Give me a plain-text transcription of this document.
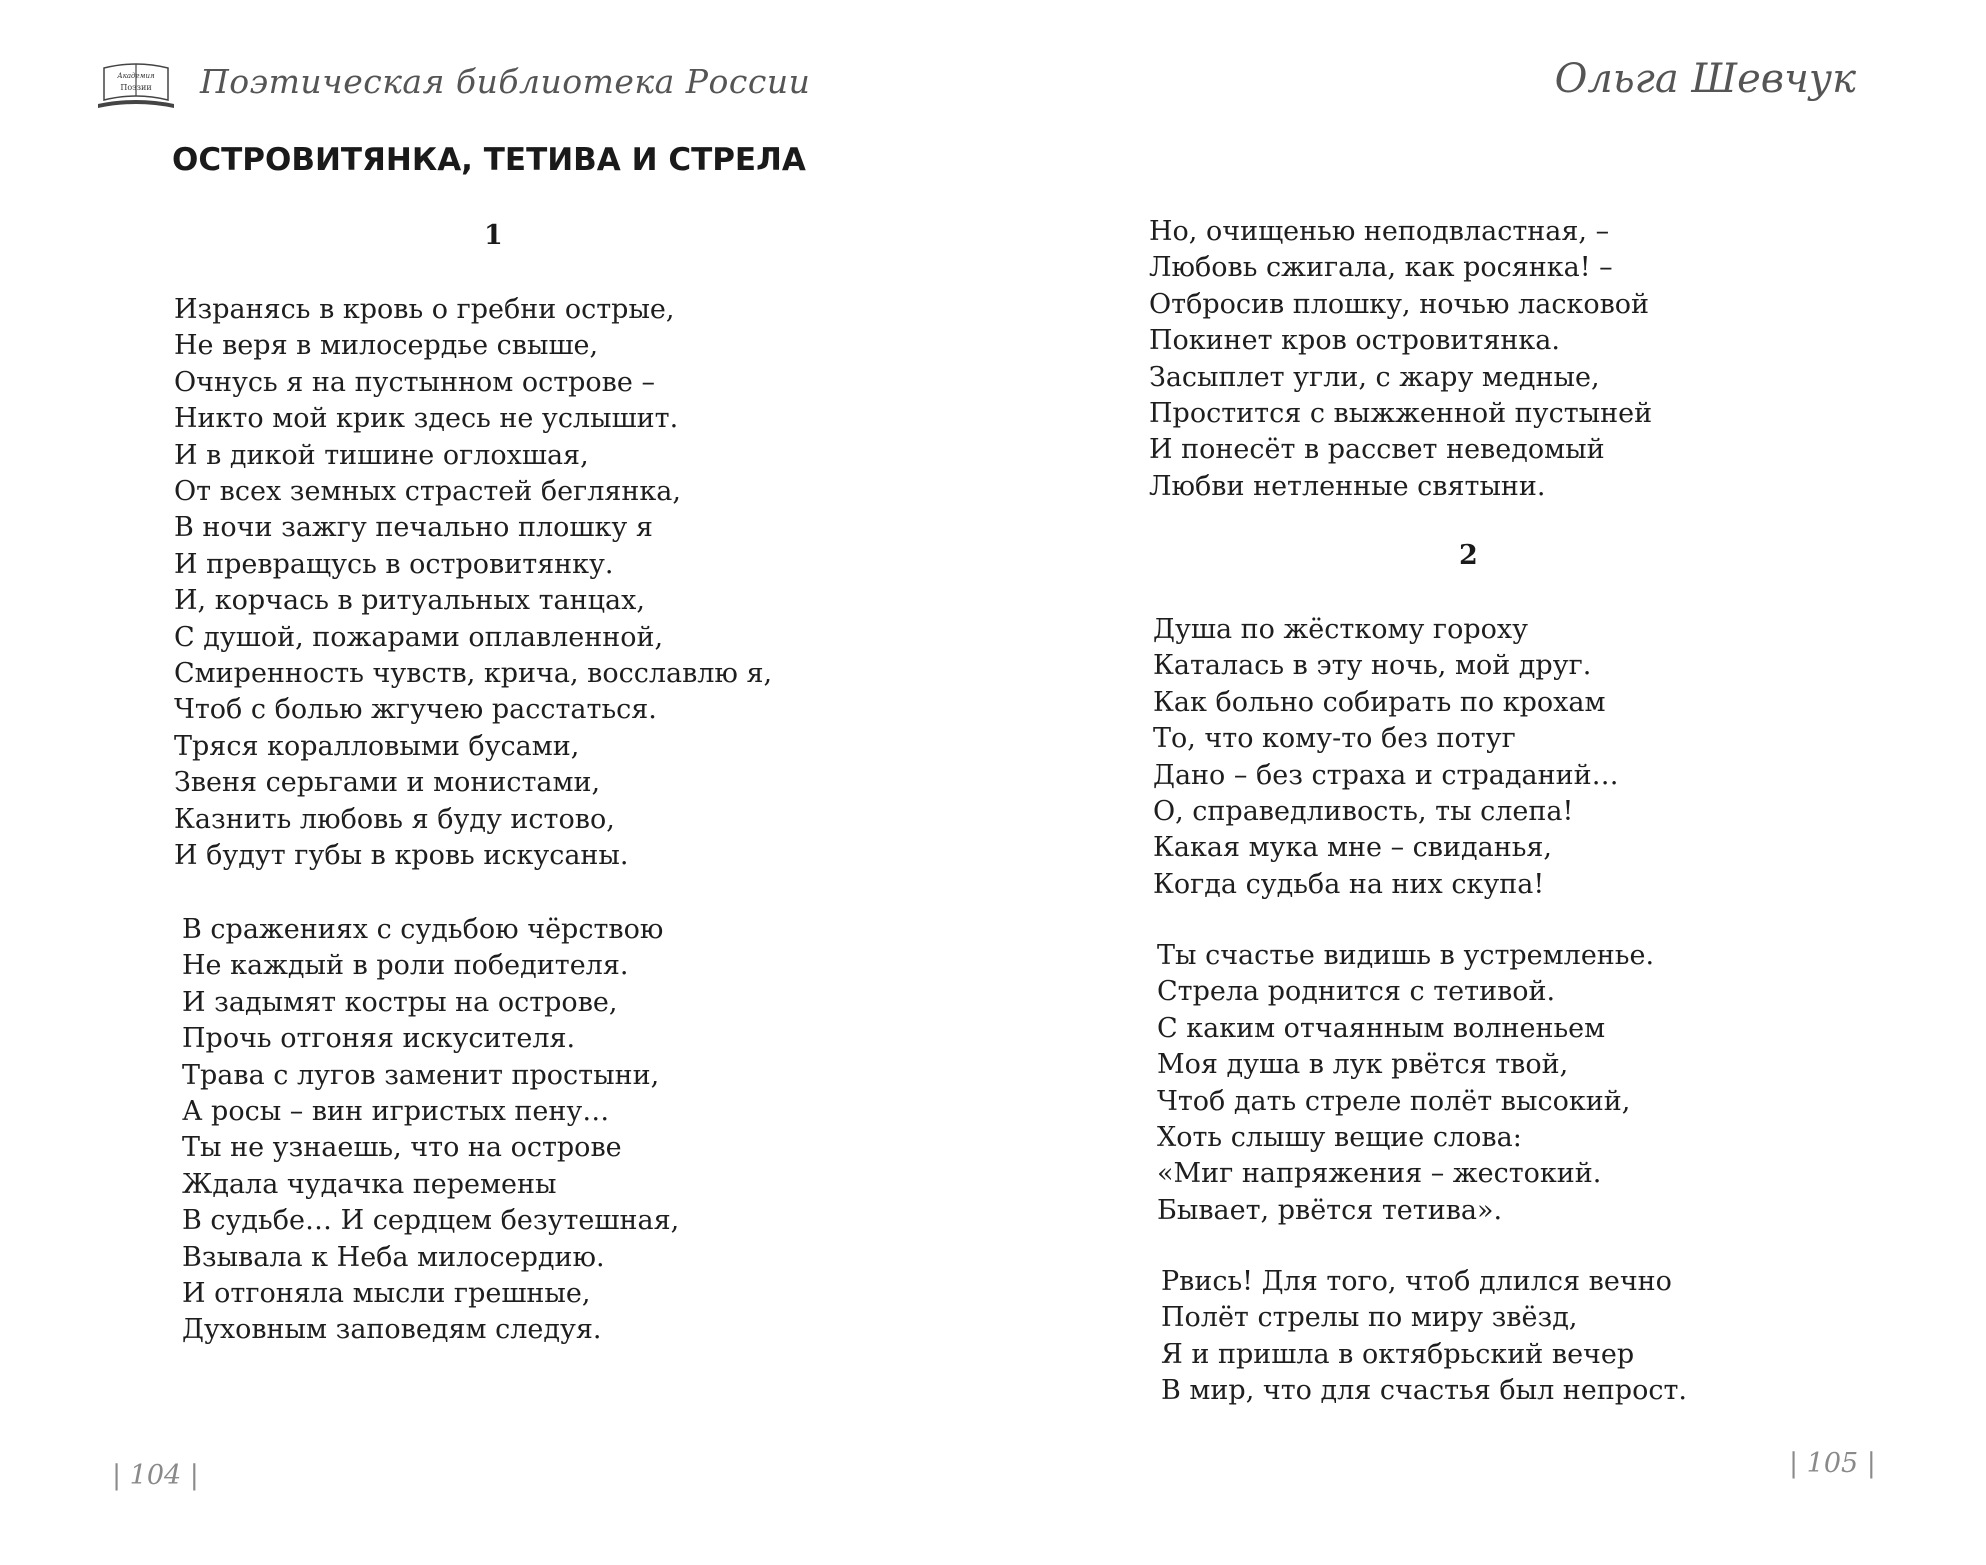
Академия
Поэзии Поэтическая библиотека России
ОСТРОВИТЯНКА, ТЕТИВА И СТРЕЛА
1
Изранясь в кровь о гребни острые,
Не веря в милосердье свыше,
Очнусь я на пустынном острове –
Никто мой крик здесь не услышит.
И в дикой тишине оглохшая,
От всех земных страстей беглянка,
В ночи зажгу печально плошку я
И превращусь в островитянку.
И, корчась в ритуальных танцах,
С душой, пожарами оплавленной,
Смиренность чувств, крича, восславлю я,
Чтоб с болью жгучею расстаться.
Тряся коралловыми бусами,
Звеня серьгами и монистами,
Казнить любовь я буду истово,
И будут губы в кровь искусаны.
В сражениях с судьбою чёрствою
Не каждый в роли победителя.
И задымят костры на острове,
Прочь отгоняя искусителя.
Трава с лугов заменит простыни,
А росы – вин игристых пену…
Ты не узнаешь, что на острове
Ждала чудачка перемены
В судьбе… И сердцем безутешная,
Взывала к Неба милосердию.
И отгоняла мысли грешные,
Духовным заповедям следуя.
| 104 |
Ольга Шевчук
Но, очищенью неподвластная, –
Любовь сжигала, как росянка! –
Отбросив плошку, ночью ласковой
Покинет кров островитянка.
Засыплет угли, с жару медные,
Простится с выжженной пустыней
И понесёт в рассвет неведомый
Любви нетленные святыни.
2
Душа по жёсткому гороху
Каталась в эту ночь, мой друг.
Как больно собирать по крохам
То, что кому-то без потуг
Дано – без страха и страданий…
О, справедливость, ты слепа!
Какая мука мне – свиданья,
Когда судьба на них скупа!
Ты счастье видишь в устремленье.
Стрела роднится с тетивой.
С каким отчаянным волненьем
Моя душа в лук рвётся твой,
Чтоб дать стреле полёт высокий,
Хоть слышу вещие слова:
«Миг напряжения – жестокий.
Бывает, рвётся тетива».
Рвись! Для того, чтоб длился вечно
Полёт стрелы по миру звёзд,
Я и пришла в октябрьский вечер
В мир, что для счастья был непрост.
| 105 |
